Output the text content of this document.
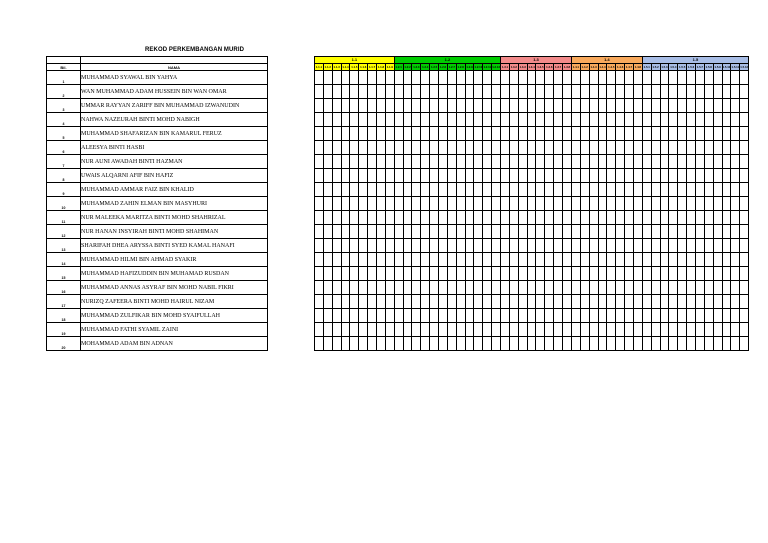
REKOD PERKEMBANGAN MURID
			1.1									1.2												1.3								1.4								1.5											
Bil.	NAMA		1.1.1	1.1.2	1.1.3	1.1.4	1.1.5	1.1.6	1.1.7	1.1.8	1.1.9	1.2.1	1.2.2	1.2.3	1.2.4	1.2.5	1.2.6	1.2.7	1.2.8	1.2.9	1.2.10	1.2.11	1.2.12	1.3.1	1.3.2	1.3.3	1.3.4	1.3.5	1.3.6	1.3.7	1.3.8	1.4.1	1.4.2	1.4.3	1.4.4	1.4.5	1.4.6	1.4.7	1.4.8	1.5.1	1.5.2	1.5.3	1.5.4	1.5.5	1.5.6	1.5.7	1.5.8	1.5.9	1.5.10	1.5.11	1.5.12
1	MUHAMMAD SYAWAL BIN YAHYA																																																		
2	WAN MUHAMMAD ADAM HUSSEIN BIN WAN OMAR																																																		
3	UMMAR RAYYAN ZARIFF BIN MUHAMMAD IZWANUDIN																																																		
4	NAHWA NAZEURAH BINTI MOHD NABIGH																																																		
5	MUHAMMAD SHAFARIZAN BIN KAMARUL FERUZ																																																		
6	ALEESYA BINTI HASBI																																																		
7	NUR AUNI AWADAH BINTI HAZMAN																																																		
8	UWAIS ALQARNI AFIF BIN HAFIZ																																																		
9	MUHAMMAD AMMAR FAIZ BIN KHALID																																																		
10	MUHAMMAD ZAHIN ELMAN BIN MASYHURI																																																		
11	NUR MALEEKA MARITZA BINTI MOHD SHAHRIZAL																																																		
12	NUR HANAN INSYIRAH BINTI MOHD SHAHIMAN																																																		
13	SHARIFAH DHEA ARYSSA BINTI SYED KAMAL HANAFI																																																		
14	MUHAMMAD HILMI BIN AHMAD SYAKIR																																																		
15	MUHAMMAD HAFIZUDDIN BIN MUHAMAD RUSDAN																																																		
16	MUHAMMAD ANNAS ASYRAF BIN MOHD NABIL FIKRI																																																		
17	NURIZQ ZAFEERA BINTI MOHD HAIRUL NIZAM																																																		
18	MUHAMMAD ZULFIKAR BIN MOHD SYAIFULLAH																																																		
19	MUHAMMAD FATHI SYAMIL ZAINI																																																		
20	MOHAMMAD ADAM BIN ADNAN																																																		
